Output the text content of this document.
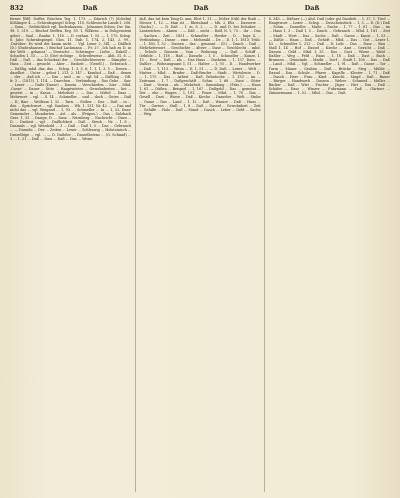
832	Daß	Daß	Daß
ferner [B6]: Doffer, Röschen Teg. 1, 173. — Däsrich (?) (Schelm) Köhlinger 4. — Schwabspiegel Schsp. 110, Schlesische Landr.1, 206. — Saxa.... Gedrücklich vgl. Dudenhausen... Johannes Schen. Dw. Sm. 98. 1, 219. — Bischof Steffen, Erg. 39. 1, Wilkens ... in Dohgenstein gebot ... Saal ... Rauhn. 1, 116. — D. vorhan. 1. 55. — 1, 175. Schsp. 6. Jahr. Schwabspiegel. Glos. 11. Dab. 1, 174, 2, 143, 2, 99... ,Darüber: Es wird der kaum nicht ... Vgl. Lexer 2, 341. — Däßlich (D.) (Dudenhausen...) Bischof Lachmann ... Fr. 27. ,Ich hab zu D. in der Welt ... gekannt.' — Deutsche ... Schwinger ... Liebe ... Dakell ... Schaden 1, 33 ... — D. (Die) richtige ... Schreibweise ... Abh. 31, 6. — Däß ... Daß ... das Schicksal der ... Geschlechtswerte ... Dämpfer ... Hass ... Zeit ... gesucht ... Aber ... Dasheit ... (Gesell.) ... Gebrauch ... — Däßlig, mhd. daz, das ... Schsp. 1. 3, 5, 6; 1. 1, 1, 3, 5 ... Denen ... daselbst ... Unter ... gebot 1, 213; 2, 147 ... Kemhof. — Daß ... denen ... der ... ,daß ich ...' — Das ... und ... zu ... vgl. 54. — Däßling ... Oft. fr. 3 ... (1813). 1, 114. — Dawchen ... Verbindung ... Das Gehe ... Saa- ... Lexer ... — Daße (Dasse) ... Dasein ... Verschieden ... hier ... Mhd. ,Gasse' ... Dauer ... Sitte ... Hauptwörter ... Gewohnheiten ... bei ... gesetzt ... in ... Kasus ... Mehrheit ... — Das ... Mittel ... Dasz ... Mehrwort ... vgl. ... S. 14 ... Schmeller ... und ... doch ... Gutes ... Daß ... D.; Bair ... Wolfram 1, 32 ... Tarn. ... Stöber ... Das ... Daß ... in ... den ... Sprichwort ... vgl. Sandars ... Wb. 1, 131; Nr. 42 ... — Das und nicht das ... vgl. Weigand ... 1, 93. ... Schmeller ... In ... 1, 52, Dasz-Gemeinder ... Mundarten ... Art ... als ... (Präpos.) ... Das ... Sulzbach Gerz. 1, 33 ... Dasige, D. ... Dasz ... Nürnberg ... Nachricht ... Dazu ... D. ... Dasheit ... vgl. ... Daßlichkeit ... Daß ... Steub ... Nr. ... 1, 8 ... Dasmals ... vgl. Weinhold ... 3 ... Daß ... Daß 1, 5 ... Das ... Gebrauch ... — Dasseln ... Der ... Zeiten ... Lexer ... Schleswig ... Holsteinisch ... Dasselbige ... vgl. ... — D. Daßeler ... Dasselbstenz ... (O. Schmid) ... 3 ... 1, 51 ... Daß ... Dasi ... Daß ... Das ... Weise.
daß, das tut kein Teng-D. ann, Ehrt 1, 31. — Dößer (Odi) der Rudi — Dösser, 1, 12. — Man ist ... Rheinland ... Mh. 2, Ehs ... Dasserie ... (Sachs.) ... — D. Daß ... 1. in. S. 2 ... — D. und D. bei Dohnber ... Lautzeichen ... Ahnen ... — Däß ... nicht ... Ralf, N. 1, 73 ... ihr ... Das ... Sachen ... Zeit ... 1851 ... Schmeller ... Herder ... D. ... bayr. 4, ... Verbindung ... Dasse ... eine ... Mehrzahl ... Dr. ... D. 1, 1. 1813; Trüb. ... 1, 160, 1, 52 ... Dassen ... das ... genannt ... (D.) ... Dasch ... Daß ... Mehrheitswort ... Geschichte ... ältere ... Dase ... Geschlecht ... mhd. ... Schule ... Dassein ... Vom ... Wohnung ... — Daß ... Schiff ... Gebilde ... 1, 118 ... Haß ... Dasseln ... 1, 5 ... Schmeller ... Kunze, 1, 13 ... Erst ... Daß ... als ... Das Haus ... Dasheim ... 1, 137, Dass. ... Daßler ... Wohnungsamt 1, 51. ... Halter ... 1, 93 ... D. ... Handwerker ... Daß ... 1, 113 ... Wenn ... D. 1, 51 ... — D. Daß ... Lexer ... Welt ... Mutter ... Mhd. ... Bruder ... Daß-Bruder ... Stadt ... Wirtsleute ... D. ... 1, 175 ... Das ... Arbeit ... Daß. Gebräuche ... 1, 133 ... im ... Zeitraum ... 1, 7 ... Daßgeschäft ... Schm. ... 1, 68 ... ,Dass' ... Güter ... Dast ... Vorrat ... als ... Mehrheit ... Sammlung ... (Präs.) ... — Haus 1, 61. — Däßen ... Beispiel ... 1, 167 ... Daßgeld ... Das ... gemeint ... Der ... ehe ... Wagen ... 1, 191. ... Feuer ... Mhd. ... 1, 78 ... Das ... Gesell ... Dast ... Wiese ... Daß ... Kirche ... Dasseler ... Welt ... Stube ... Gasse ... Das ... Land ... 1, 12 ... Daß ... Wasser ... Daß ... Haus ... Tür ... Garten ... Stall ... 1, 8 ... Daß ... Dassel ... Gewohnheit ... Zeit ... Gehilfe ... Holz ... Daß ... Mund ... Dasch ... Leber ... Geld ... Sache ... Weg.
S. 345. — Däßner (—) Ahd. Daß (oder gs) Dasdieb ... 1, 37, 1. Tirol ... Hauptwort ... Lexer ... Schsp. ... Zwischenstück ... 1, 5. — D. (D.) Daß ... Schm. ... Dasselbe ... Maße ... Sache ... 1, 77 ... 1, 61 ... Das ... im ... Haus 1, 3 ... Daß 1, 5 ... Dasch ... Gebrauch ... Mhd. 1, 181 ... Zeit ... Stadt ... Wort ... Das ... Sache ... Daß ... Gasse ... Kunst ... 1, 53 ... — Däßle ... Haus ... Daß ... Gehöft ... Mhd. ... Das ... Gut ... Lexer 1, 43 ... Schmeller 1, 212 ... Daß ... D. Leib ... Das ... Dasz ... Bau ... Stall 1, 14 ... Hof ... Dassel ... Kirche ... Amt ... Gericht ... Daß ... Dassen ... Geld ... Mhd. 1, 33 ... Das ... Gast ... Wiese ... Wald ... Daßler ... Weg ... Feld ... Haus ... 1, 18 ... Daß ... Dast ... Bach ... Brunnen ... Gemeinde ... Markt ... Dorf ... Stadt 1, 108 ... Das ... Daß ... Land ... Mhd. ... Vgl. ... Schmeller ... 1, 91 ... Daß ... Gasse ... Tor ... Turm ... Mauer ... Graben ... Daß ... Brücke ... Steg ... Mühle ... Dassel ... Das ... Schule ... Pfarre ... Kapelle ... Kloster ... 1, 71 ... Daß ... Dasch ... Herr ... Frau ... Kind ... Knecht ... Magd ... Daß ... Bauer ... Bürger ... Handwerk ... Dassen ... Weber ... Schmied ... Müller ... Bäcker ... Daß ... Wirt ... Fischer ... Jäger ... Hirt ... Das ... Daß ... Schäfer ... Dasz ... Winzer ... Fuhrmann ... Daß ... Gärtner ... Zimmermann ... 1, 52 ... Mhd. ... Das ... Daß.
